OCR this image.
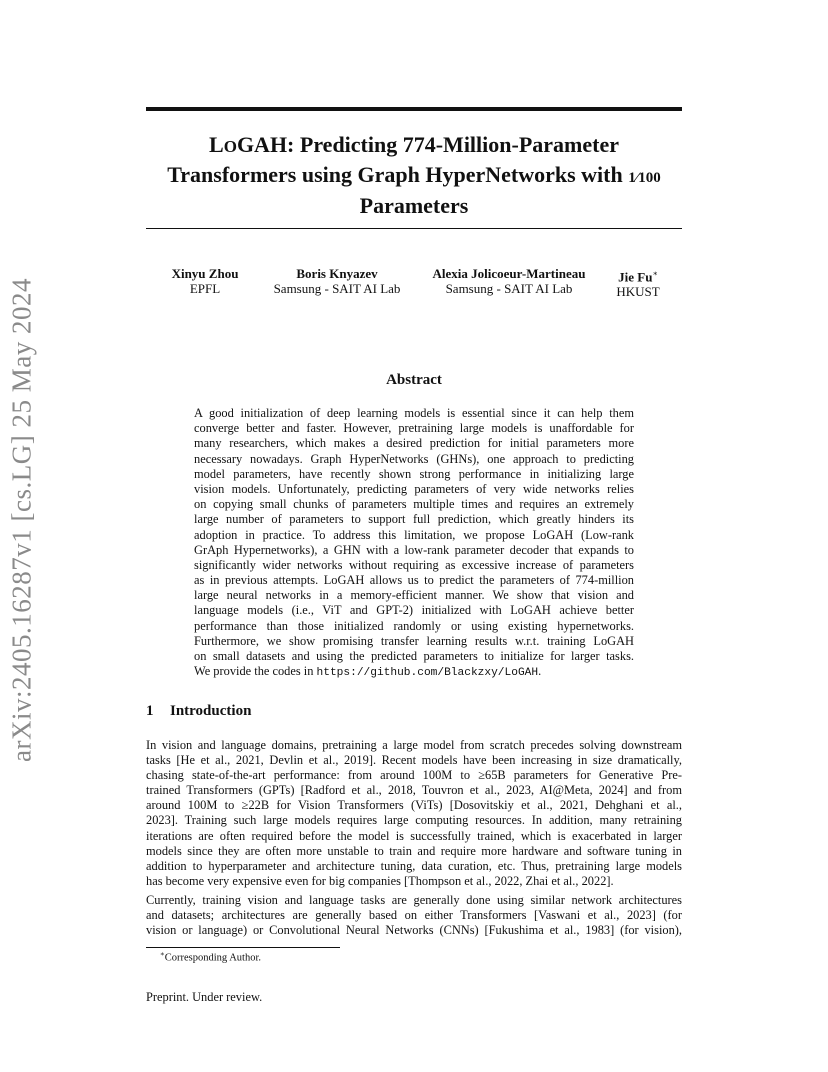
arXiv:2405.16287v1 [cs.LG] 25 May 2024
LOGAH: Predicting 774-Million-Parameter
Transformers using Graph HyperNetworks with 1⁄100
Parameters
Xinyu Zhou
EPFL
Boris Knyazev
Samsung - SAIT AI Lab
Alexia Jolicoeur-Martineau
Samsung - SAIT AI Lab
Jie Fu∗
HKUST
Abstract
A good initialization of deep learning models is essential since it can help them
converge better and faster. However, pretraining large models is unaffordable for
many researchers, which makes a desired prediction for initial parameters more
necessary nowadays. Graph HyperNetworks (GHNs), one approach to predicting
model parameters, have recently shown strong performance in initializing large
vision models. Unfortunately, predicting parameters of very wide networks relies
on copying small chunks of parameters multiple times and requires an extremely
large number of parameters to support full prediction, which greatly hinders its
adoption in practice. To address this limitation, we propose LoGAH (Low-rank
GrAph Hypernetworks), a GHN with a low-rank parameter decoder that expands to
significantly wider networks without requiring as excessive increase of parameters
as in previous attempts. LoGAH allows us to predict the parameters of 774-million
large neural networks in a memory-efficient manner. We show that vision and
language models (i.e., ViT and GPT-2) initialized with LoGAH achieve better
performance than those initialized randomly or using existing hypernetworks.
Furthermore, we show promising transfer learning results w.r.t. training LoGAH
on small datasets and using the predicted parameters to initialize for larger tasks.
We provide the codes in https://github.com/Blackzxy/LoGAH.
1 Introduction
In vision and language domains, pretraining a large model from scratch precedes solving downstream
tasks [He et al., 2021, Devlin et al., 2019]. Recent models have been increasing in size dramatically,
chasing state-of-the-art performance: from around 100M to ≥65B parameters for Generative Pre-
trained Transformers (GPTs) [Radford et al., 2018, Touvron et al., 2023, AI@Meta, 2024] and from
around 100M to ≥22B for Vision Transformers (ViTs) [Dosovitskiy et al., 2021, Dehghani et al.,
2023]. Training such large models requires large computing resources. In addition, many retraining
iterations are often required before the model is successfully trained, which is exacerbated in larger
models since they are often more unstable to train and require more hardware and software tuning in
addition to hyperparameter and architecture tuning, data curation, etc. Thus, pretraining large models
has become very expensive even for big companies [Thompson et al., 2022, Zhai et al., 2022].
Currently, training vision and language tasks are generally done using similar network architectures
and datasets; architectures are generally based on either Transformers [Vaswani et al., 2023] (for
vision or language) or Convolutional Neural Networks (CNNs) [Fukushima et al., 1983] (for vision),
∗Corresponding Author.
Preprint. Under review.
